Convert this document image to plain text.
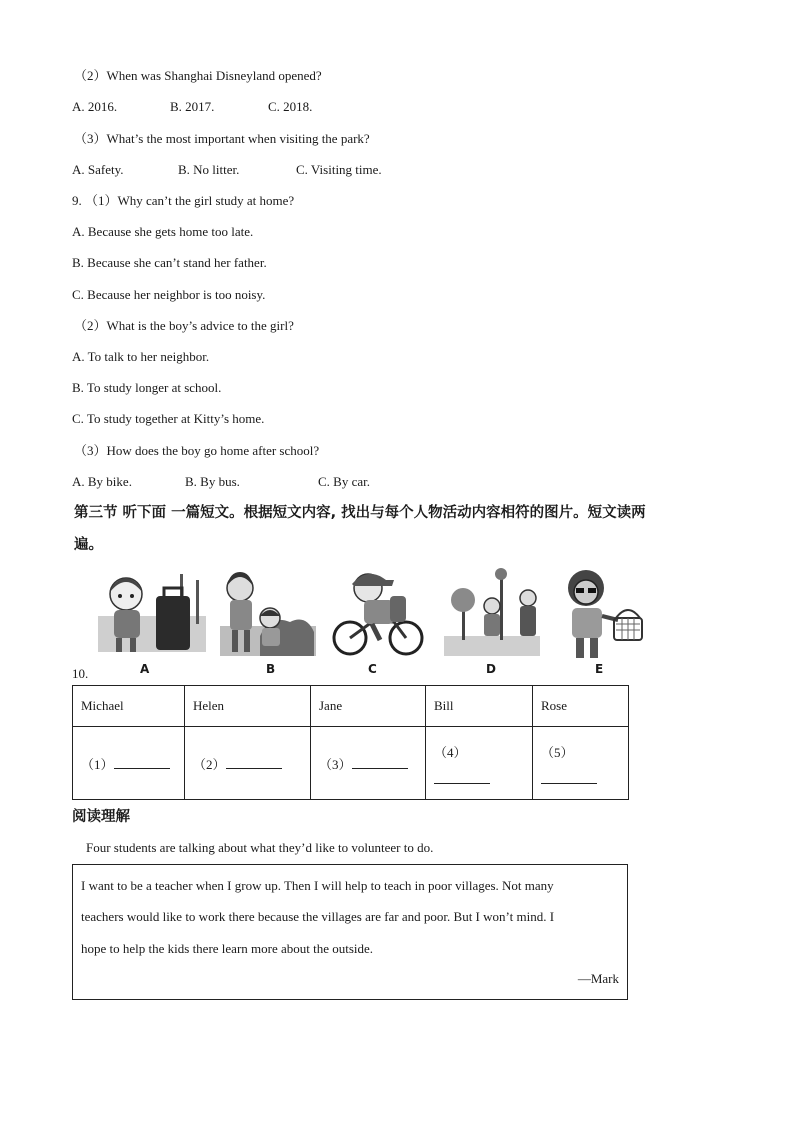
（2）When was Shanghai Disneyland opened?
A. 2016.	B. 2017.	C. 2018.
（3）What’s the most important when visiting the park?
A. Safety.	B. No litter.	C. Visiting time.
9. （1）Why can’t the girl study at home?
A. Because she gets home too late.
B. Because she can’t stand her father.
C. Because her neighbor is too noisy.
（2）What is the boy’s advice to the girl?
A. To talk to her neighbor.
B. To study longer at school.
C. To study together at Kitty’s home.
（3）How does the boy go home after school?
A. By bike.	B. By bus.	C. By car.
第三节 听下面 一篇短文。根据短文内容, 找出与每个人物活动内容相符的图片。短文读两
遍。
A	B	C	D	E
10.
Michael	Helen	Jane	Bill	Rose
（1）	（2）	（3）	（4）	（5）
阅读理解
Four students are talking about what they’d like to volunteer to do.
I want to be a teacher when I grow up. Then I will help to teach in poor villages. Not many
teachers would like to work there because the villages are far and poor. But I won’t mind. I
hope to help the kids there learn more about the outside.
—Mark
